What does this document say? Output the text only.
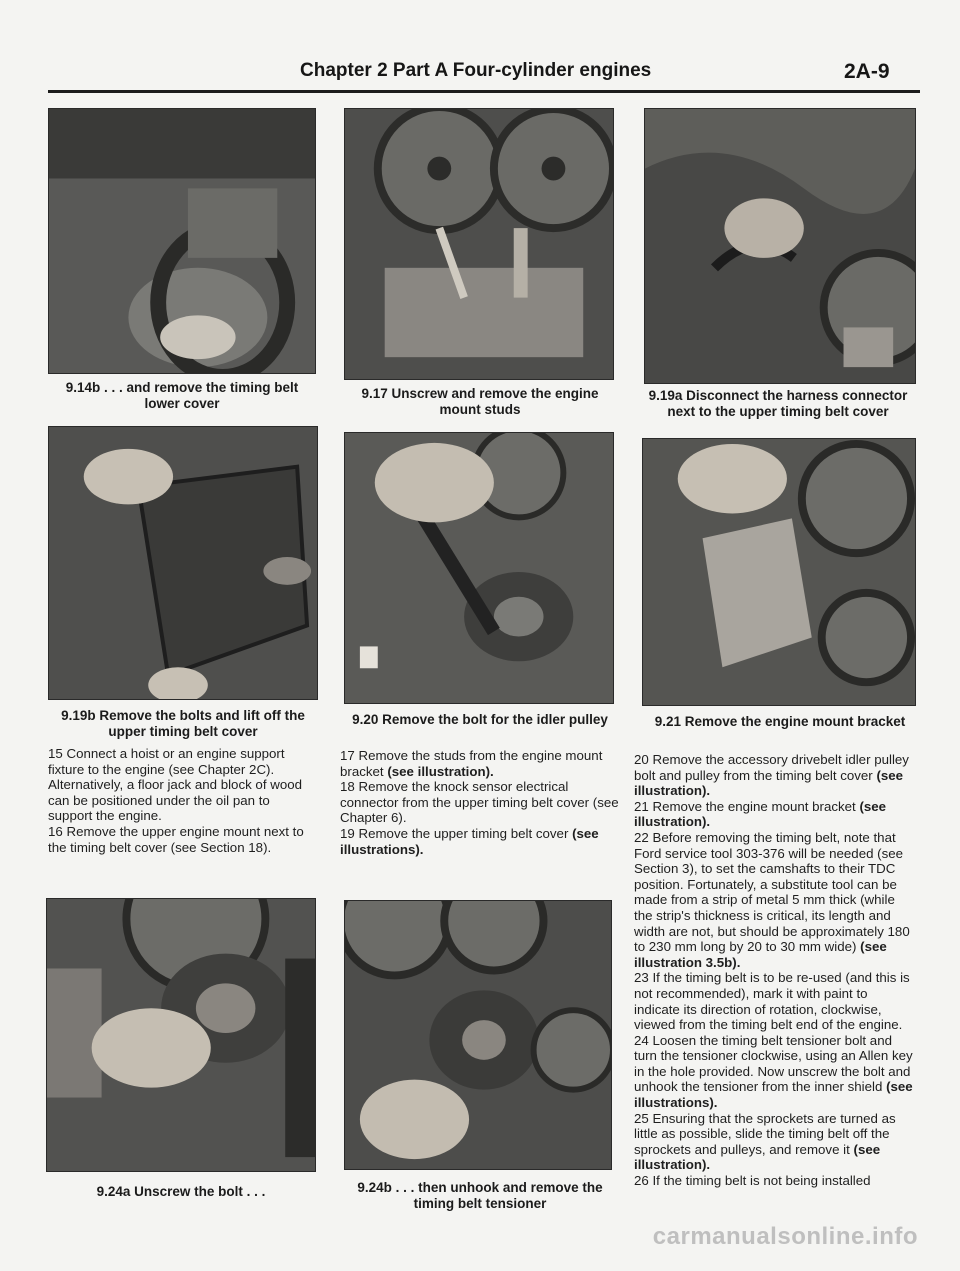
Chapter 2 Part A Four-cylinder engines	2A-9
9.14b . . . and remove the timing belt
lower cover
9.17 Unscrew and remove the engine
mount studs
9.19a Disconnect the harness connector
next to the upper timing belt cover
9.19b Remove the bolts and lift off the
upper timing belt cover
9.20 Remove the bolt for the idler pulley	9.21 Remove the engine mount bracket

15 Connect a hoist or an engine support fixture to the engine (see Chapter 2C). Alternatively, a floor jack and block of wood can be positioned under the oil pan to support the engine.

16 Remove the upper engine mount next to the timing belt cover (see Section 18).

17 Remove the studs from the engine mount bracket (see illustration).

18 Remove the knock sensor electrical connector from the upper timing belt cover (see Chapter 6).

19 Remove the upper timing belt cover (see illustrations).

20 Remove the accessory drivebelt idler pulley bolt and pulley from the timing belt cover (see illustration).

21 Remove the engine mount bracket (see illustration).

22 Before removing the timing belt, note that Ford service tool 303-376 will be needed (see Section 3), to set the camshafts to their TDC position. Fortunately, a substitute tool can be made from a strip of metal 5 mm thick (while the strip's thickness is critical, its length and width are not, but should be approximately 180 to 230 mm long by 20 to 30 mm wide) (see illustration 3.5b).

23 If the timing belt is to be re-used (and this is not recommended), mark it with paint to indicate its direction of rotation, clockwise, viewed from the timing belt end of the engine.

24 Loosen the timing belt tensioner bolt and turn the tensioner clockwise, using an Allen key in the hole provided. Now unscrew the bolt and unhook the tensioner from the inner shield (see illustrations).

25 Ensuring that the sprockets are turned as little as possible, slide the timing belt off the sprockets and pulleys, and remove it (see illustration).

26 If the timing belt is not being installed

9.24a Unscrew the bolt . . .	9.24b . . . then unhook and remove the
timing belt tensioner
carmanualsonline.info
